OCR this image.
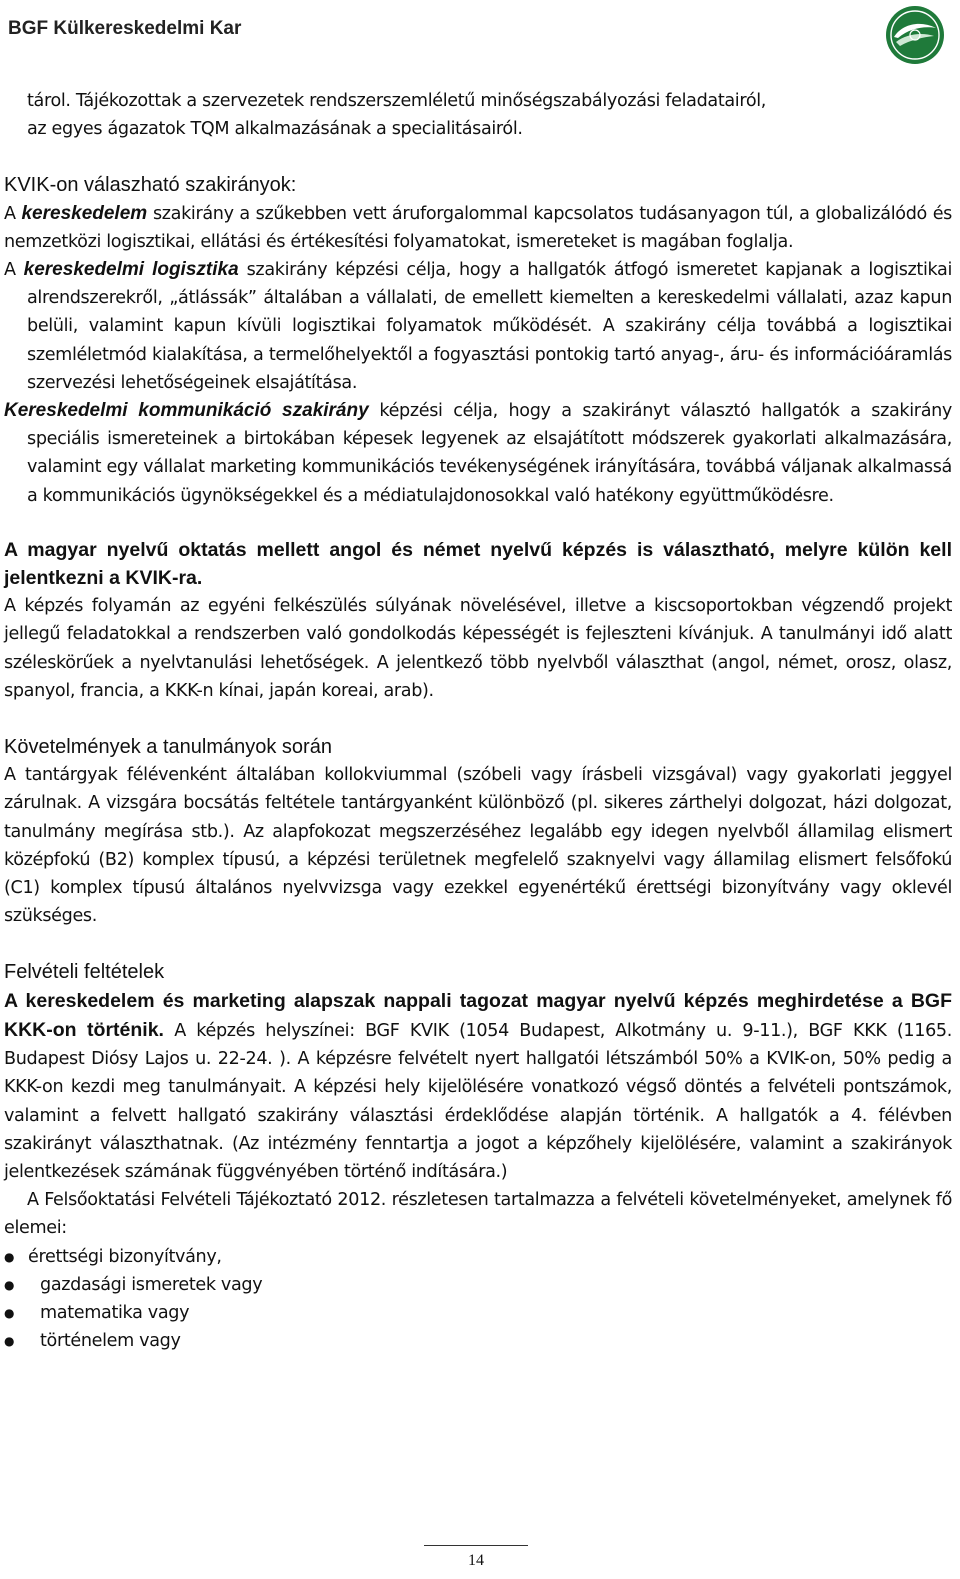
BGF Külkereskedelmi Kar

tárol. Tájékozottak a szervezetek rendszerszemléletű minőségszabályozási feladatairól,

az egyes ágazatok TQM alkalmazásának a specialitásairól.

KVIK-on válaszható szakirányok:

A kereskedelem szakirány a szűkebben vett áruforgalommal kapcsolatos tudásanyagon túl, a globalizálódó és nemzetközi logisztikai, ellátási és értékesítési folyamatokat, ismereteket is magában foglalja.

A kereskedelmi logisztika szakirány képzési célja, hogy a hallgatók átfogó ismeretet kapjanak a logisztikai alrendszerekről, „átlássák” általában a vállalati, de emellett kiemelten a kereskedelmi vállalati, azaz kapun belüli, valamint kapun kívüli logisztikai folyamatok működését. A szakirány célja továbbá a logisztikai szemléletmód kialakítása, a termelőhelyektől a fogyasztási pontokig tartó anyag-, áru- és információáramlás szervezési lehetőségeinek elsajátítása.

Kereskedelmi kommunikáció szakirány képzési célja, hogy a szakirányt választó hallgatók a szakirány speciális ismereteinek a birtokában képesek legyenek az elsajátított módszerek gyakorlati alkalmazására, valamint egy vállalat marketing kommunikációs tevékenységének irányítására, továbbá váljanak alkalmassá a kommunikációs ügynökségekkel és a médiatulajdonosokkal való hatékony együttműködésre.

A magyar nyelvű oktatás mellett angol és német nyelvű képzés is választható, melyre külön kell jelentkezni a KVIK-ra.

A képzés folyamán az egyéni felkészülés súlyának növelésével, illetve a kiscsoportokban végzendő projekt jellegű feladatokkal a rendszerben való gondolkodás képességét is fejleszteni kívánjuk. A tanulmányi idő alatt széleskörűek a nyelvtanulási lehetőségek. A jelentkező több nyelvből választhat (angol, német, orosz, olasz, spanyol, francia, a KKK-n kínai, japán koreai, arab).

Követelmények a tanulmányok során

A tantárgyak félévenként általában kollokviummal (szóbeli vagy írásbeli vizsgával) vagy gyakorlati jeggyel zárulnak. A vizsgára bocsátás feltétele tantárgyanként különböző (pl. sikeres zárthelyi dolgozat, házi dolgozat, tanulmány megírása stb.). Az alapfokozat megszerzéséhez legalább egy idegen nyelvből államilag elismert középfokú (B2) komplex típusú, a képzési területnek megfelelő szaknyelvi vagy államilag elismert felsőfokú (C1) komplex típusú általános nyelvvizsga vagy ezekkel egyenértékű érettségi bizonyítvány vagy oklevél szükséges.

Felvételi feltételek

A kereskedelem és marketing alapszak nappali tagozat magyar nyelvű képzés meghirdetése a BGF KKK-on történik. A képzés helyszínei: BGF KVIK (1054 Budapest, Alkotmány u. 9-11.), BGF KKK (1165. Budapest Diósy Lajos u. 22-24. ). A képzésre felvételt nyert hallgatói létszámból 50% a KVIK-on, 50% pedig a KKK-on kezdi meg tanulmányait. A képzési hely kijelölésére vonatkozó végső döntés a felvételi pontszámok, valamint a felvett hallgató szakirány választási érdeklődése alapján történik. A hallgatók a 4. félévben szakirányt választhatnak. (Az intézmény fenntartja a jogot a képzőhely kijelölésére, valamint a szakirányok jelentkezések számának függvényében történő indítására.)

A Felsőoktatási Felvételi Tájékoztató 2012. részletesen tartalmazza a felvételi követelményeket, amelynek fő elemei:

● érettségi bizonyítvány,
● gazdasági ismeretek vagy
● matematika vagy
● történelem vagy
14
